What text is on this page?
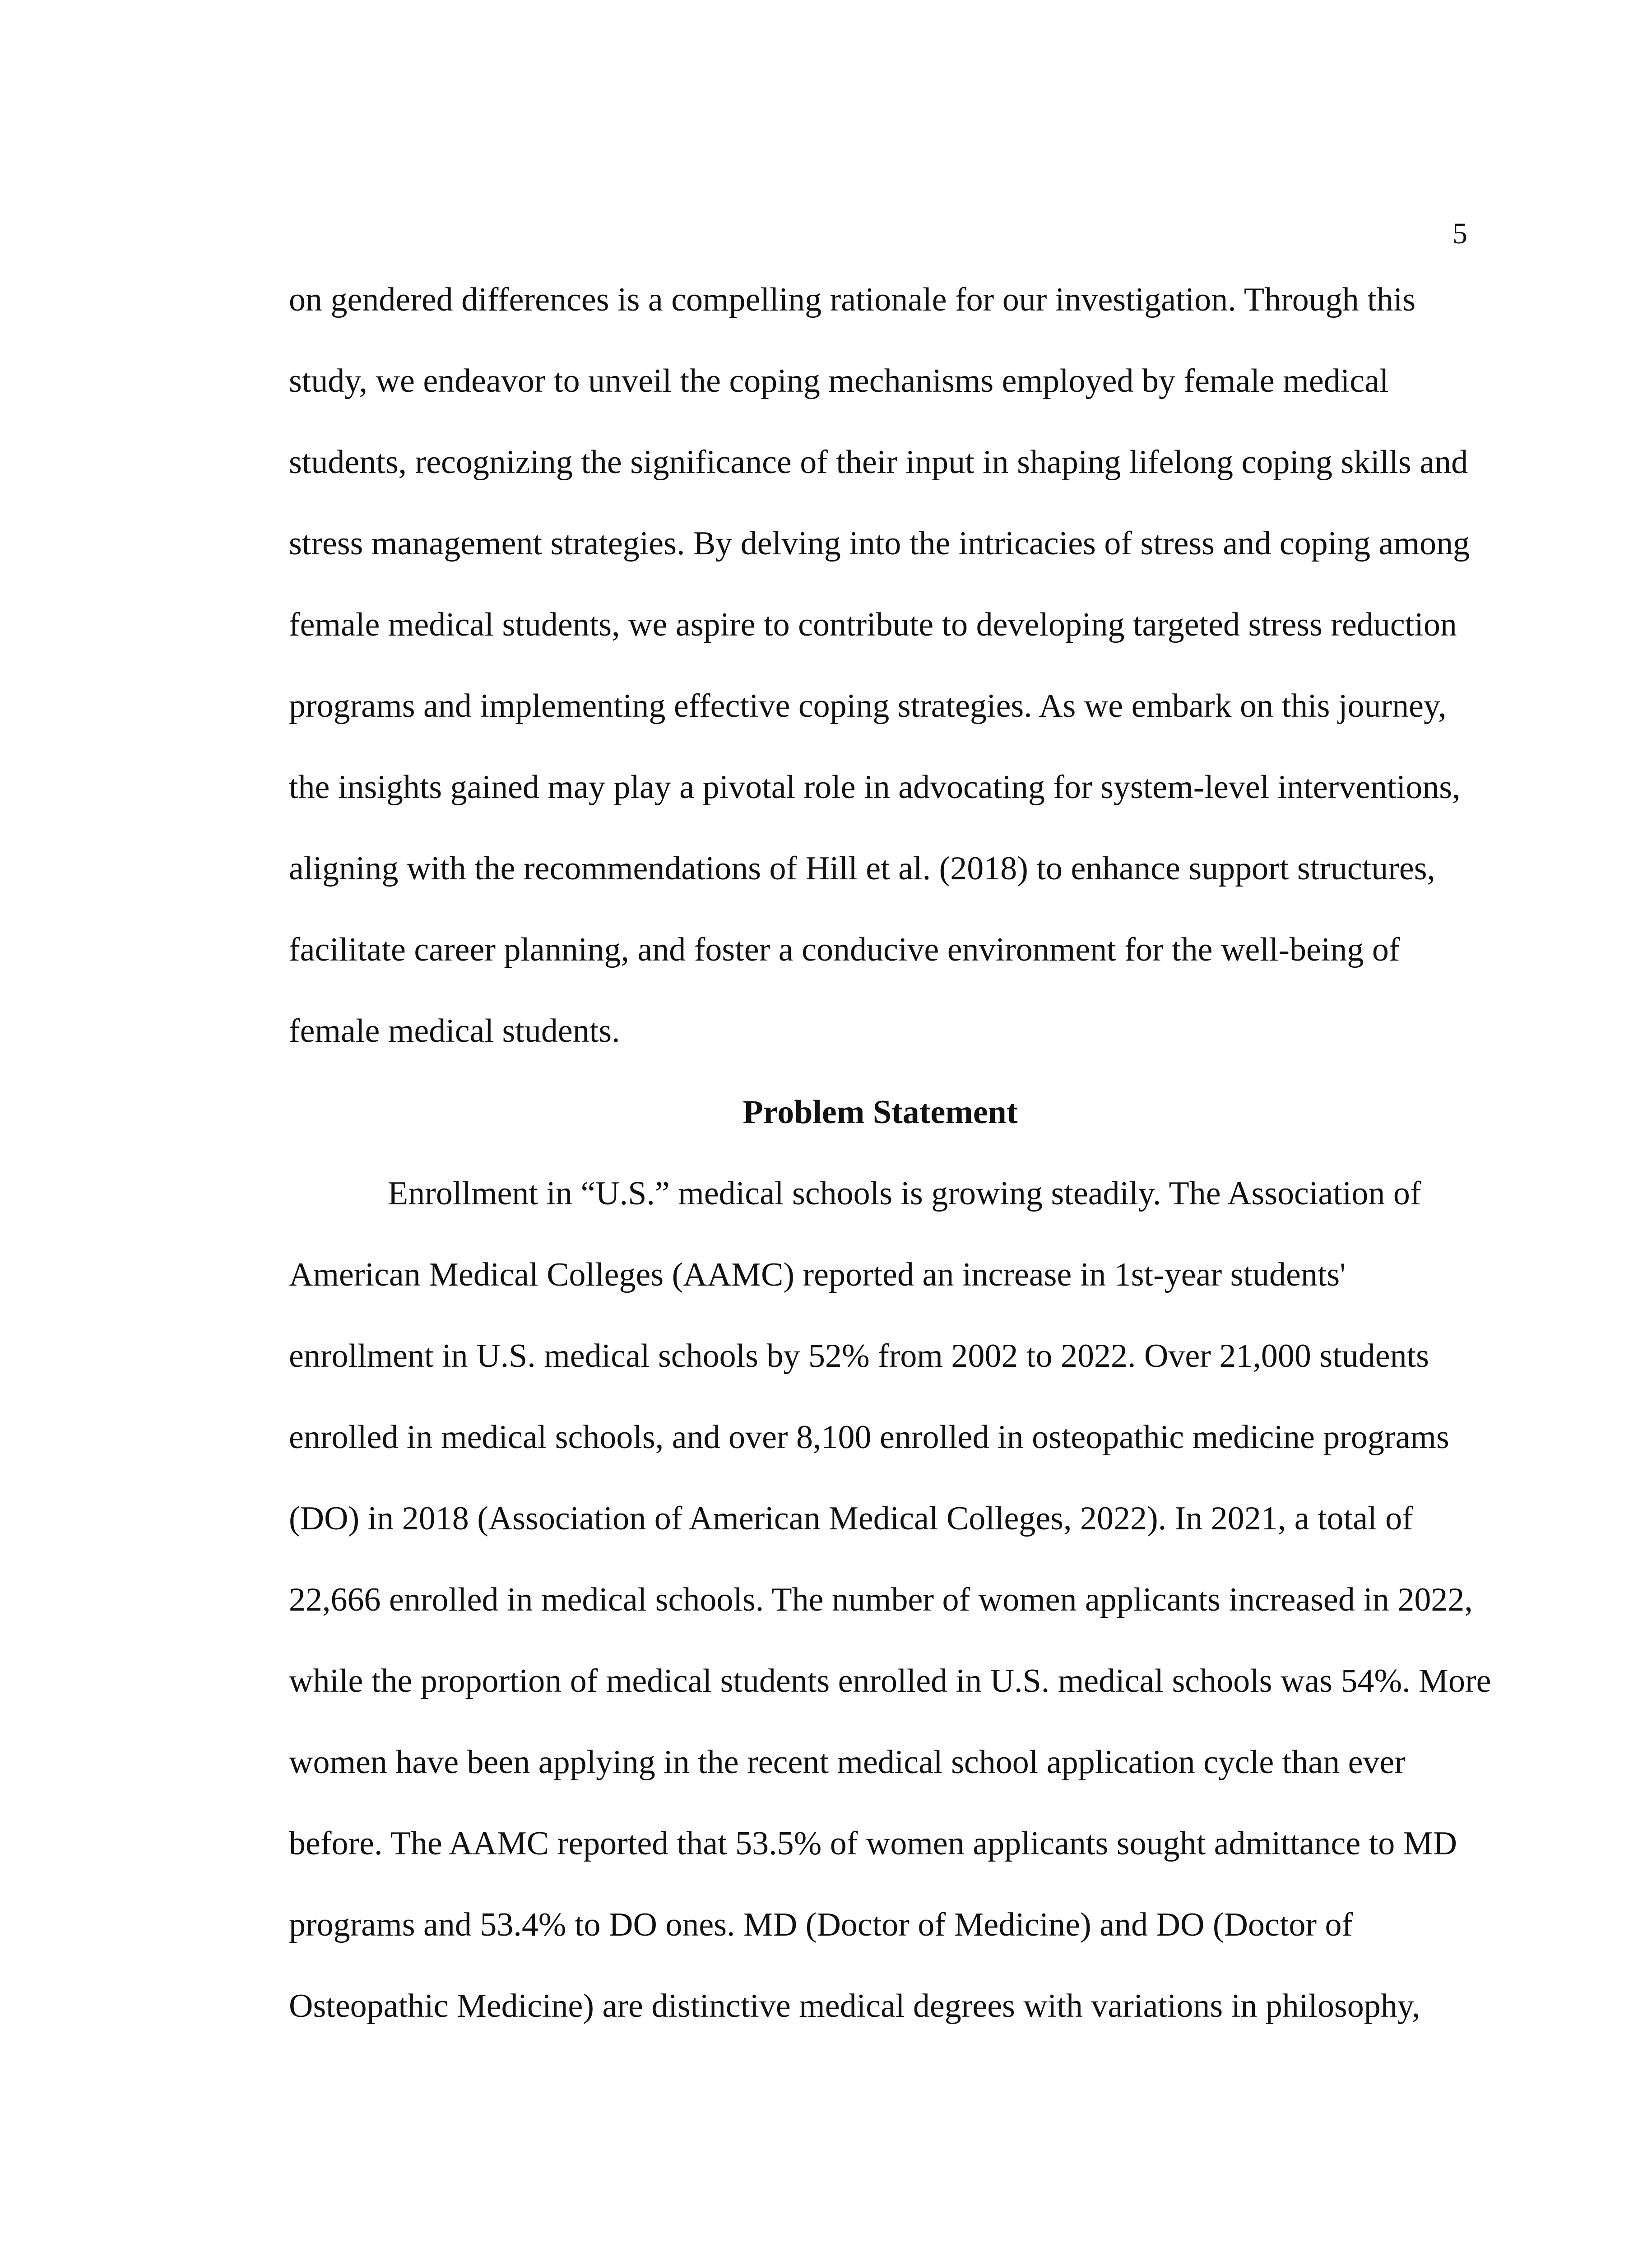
5
on gendered differences is a compelling rationale for our investigation. Through this
study, we endeavor to unveil the coping mechanisms employed by female medical
students, recognizing the significance of their input in shaping lifelong coping skills and
stress management strategies. By delving into the intricacies of stress and coping among
female medical students, we aspire to contribute to developing targeted stress reduction
programs and implementing effective coping strategies. As we embark on this journey,
the insights gained may play a pivotal role in advocating for system-level interventions,
aligning with the recommendations of Hill et al. (2018) to enhance support structures,
facilitate career planning, and foster a conducive environment for the well-being of
female medical students.
Problem Statement
Enrollment in “U.S.” medical schools is growing steadily. The Association of
American Medical Colleges (AAMC) reported an increase in 1st-year students'
enrollment in U.S. medical schools by 52% from 2002 to 2022. Over 21,000 students
enrolled in medical schools, and over 8,100 enrolled in osteopathic medicine programs
(DO) in 2018 (Association of American Medical Colleges, 2022). In 2021, a total of
22,666 enrolled in medical schools. The number of women applicants increased in 2022,
while the proportion of medical students enrolled in U.S. medical schools was 54%. More
women have been applying in the recent medical school application cycle than ever
before. The AAMC reported that 53.5% of women applicants sought admittance to MD
programs and 53.4% to DO ones. MD (Doctor of Medicine) and DO (Doctor of
Osteopathic Medicine) are distinctive medical degrees with variations in philosophy,
